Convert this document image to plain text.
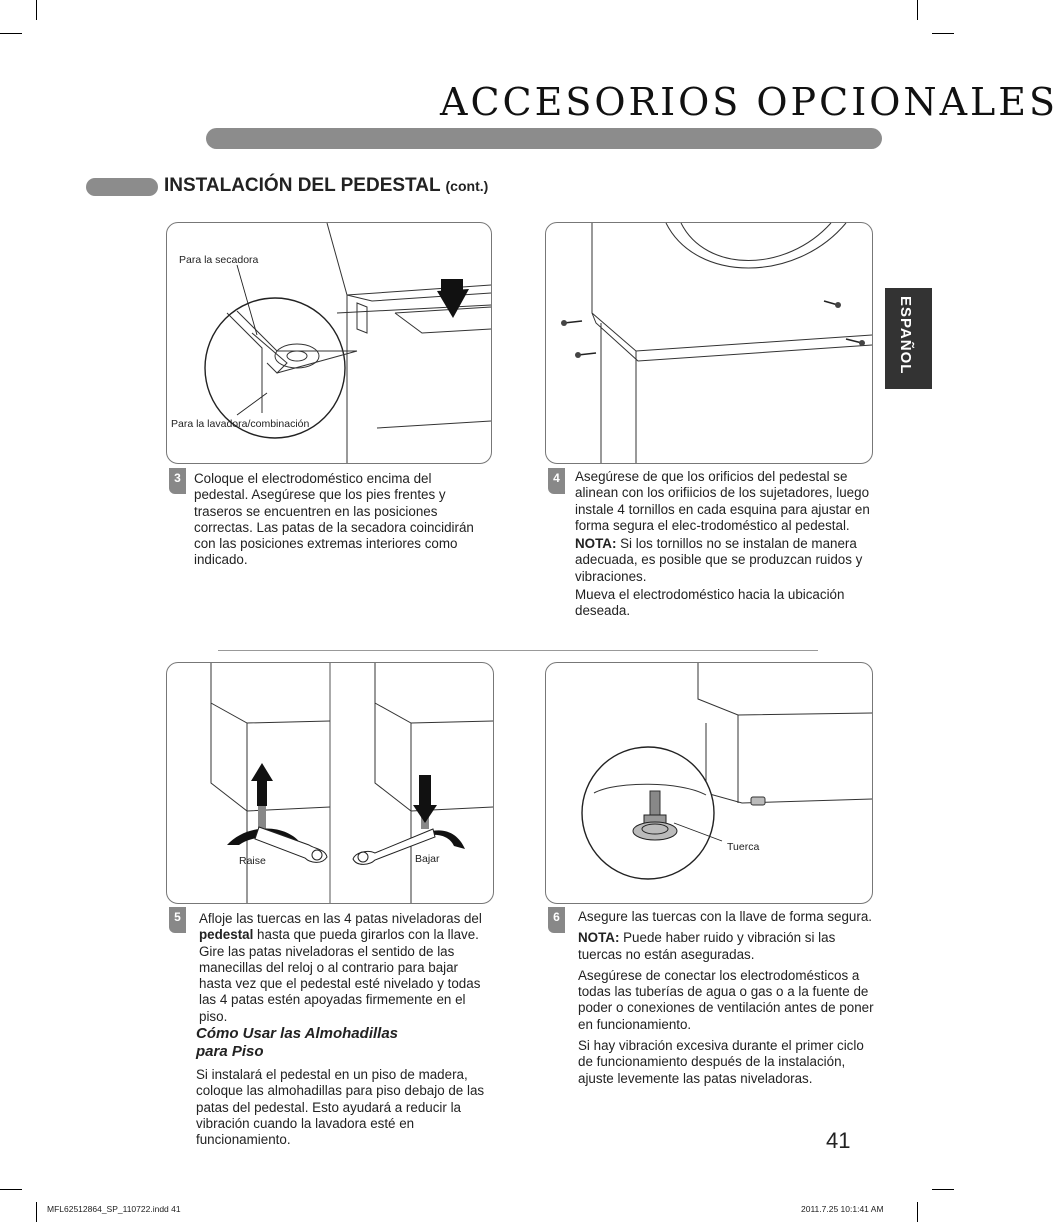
ACCESORIOS OPCIONALES
INSTALACIÓN DEL PEDESTAL (cont.)
ESPAÑOL
Para la secadora
Para la lavadora/combinación
3 Coloque el electrodoméstico encima del pedestal. Asegúrese que los pies frentes y traseros se encuentren en las posiciones correctas. Las patas de la secadora coincidirán con las posiciones extremas interiores como indicado.
4	Asegúrese de que los orificios del pedestal se alinean con los orifiicios de los sujetadores, luego instale 4 tornillos en cada esquina para ajustar en forma segura el elec-trodoméstico al pedestal.

NOTA: Si los tornillos no se instalan de manera adecuada, es posible que se produzcan ruidos y vibraciones.

Mueva el electrodoméstico hacia la ubicación deseada.

Raise	Bajar
5	Afloje las tuercas en las 4 patas niveladoras del pedestal hasta que pueda girarlos con la llave. Gire las patas niveladoras el sentido de las manecillas del reloj o al contrario para bajar hasta vez que el pedestal esté nivelado y todas las 4 patas estén apoyadas firmemente en el piso.

Cómo Usar las Almohadillas
para Piso
Si instalará el pedestal en un piso de madera, coloque las almohadillas para piso debajo de las patas del pedestal. Esto ayudará a reducir la vibración cuando la lavadora esté en funcionamiento.
Tuerca
6	Asegure las tuercas con la llave de forma segura.

NOTA: Puede haber ruido y vibración si las tuercas no están aseguradas.

Asegúrese de conectar los electrodomésticos a todas las tuberías de agua o gas o a la fuente de poder o conexiones de ventilación antes de poner en funcionamiento.

Si hay vibración excesiva durante el primer ciclo de funcionamiento después de la instalación, ajuste levemente las patas niveladoras.

41
MFL62512864_SP_110722.indd 41	2011.7.25 10:1:41 AM
